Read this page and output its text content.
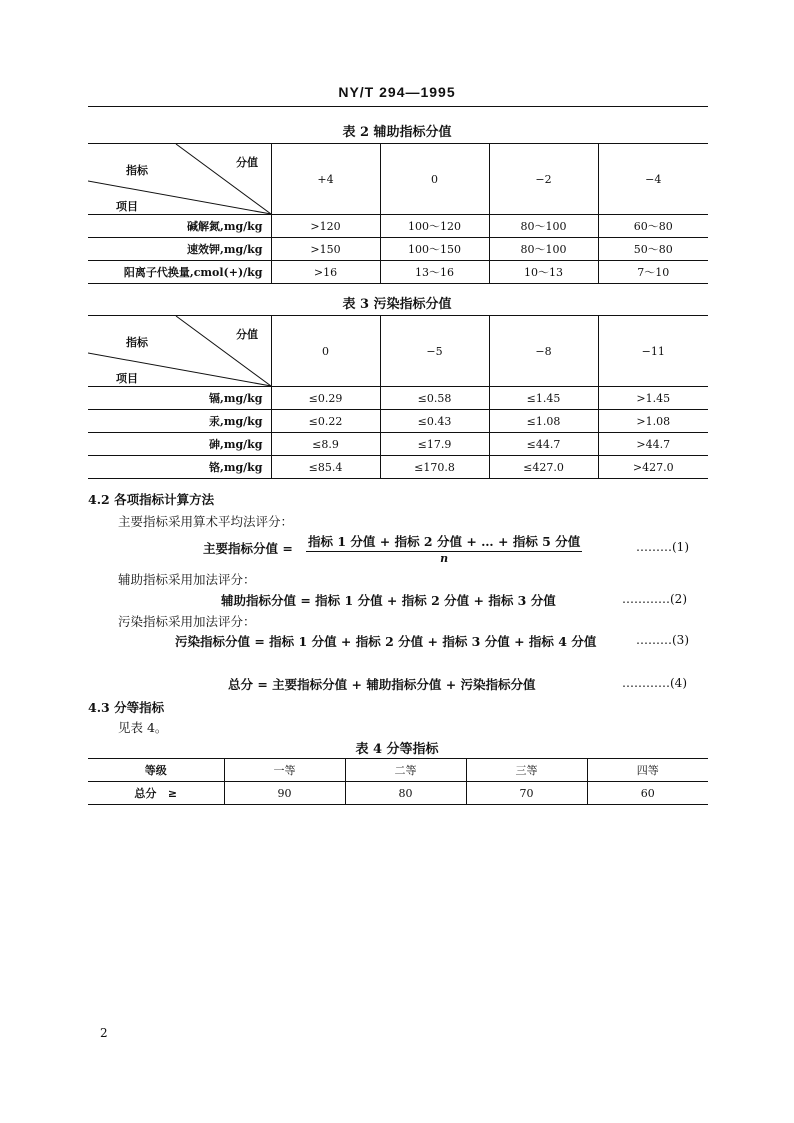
NY/T 294—1995
表 2 辅助指标分值
分值
指标
项目	+4	0	−2	−4
碱解氮,mg/kg	>120	100～120	80～100	60～80
速效钾,mg/kg	>150	100～150	80～100	50～80
阳离子代换量,cmol(+)/kg	>16	13～16	10～13	7～10
表 3 污染指标分值
分值
指标
项目	0	−5	−8	−11
镉,mg/kg	≤0.29	≤0.58	≤1.45	>1.45
汞,mg/kg	≤0.22	≤0.43	≤1.08	>1.08
砷,mg/kg	≤8.9	≤17.9	≤44.7	>44.7
铬,mg/kg	≤85.4	≤170.8	≤427.0	>427.0
4.2 各项指标计算方法
主要指标采用算术平均法评分：
主要指标分值 = $\frac{\text{指标 1 分值 + 指标 2 分值 + … + 指标 5 分值}}{n}$	………(1)
辅助指标采用加法评分：
辅助指标分值 = 指标 1 分值 + 指标 2 分值 + 指标 3 分值	…………(2)
污染指标采用加法评分：
污染指标分值 = 指标 1 分值 + 指标 2 分值 + 指标 3 分值 + 指标 4 分值	………(3)
总分 = 主要指标分值 + 辅助指标分值 + 污染指标分值	…………(4)
4.3 分等指标
见表 4。
表 4 分等指标
等级	一等	二等	三等	四等
总分   ≥	90	80	70	60
2
